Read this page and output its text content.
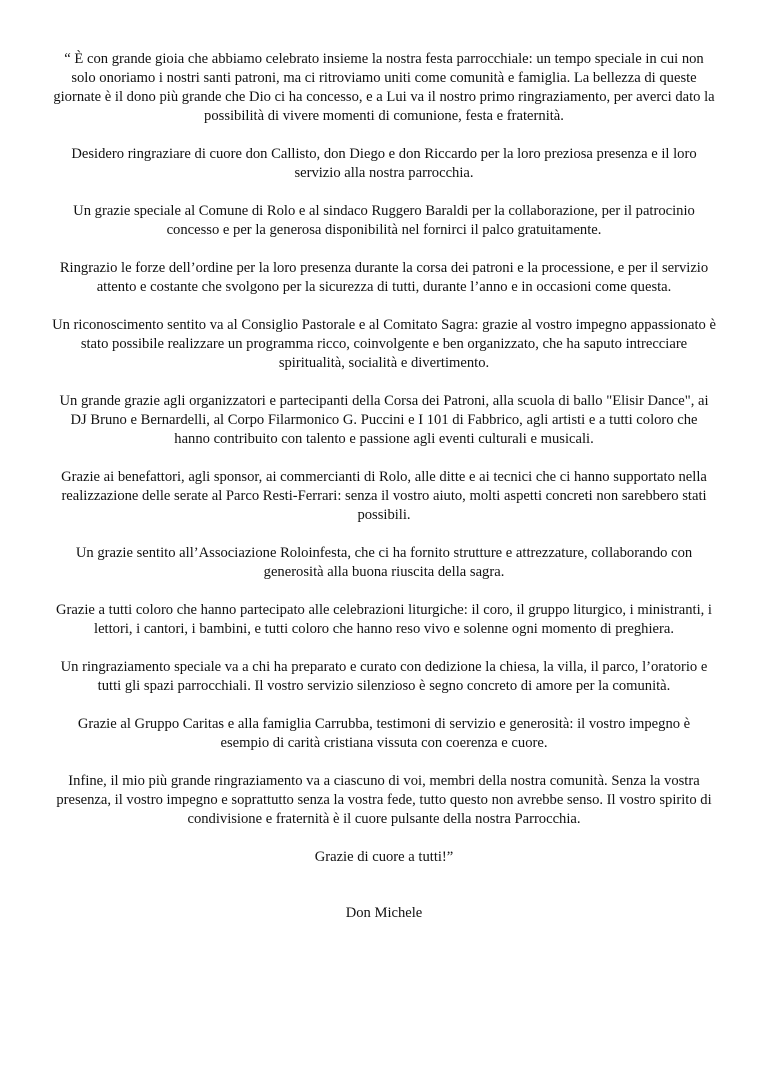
“ È con grande gioia che abbiamo celebrato insieme la nostra festa parrocchiale: un tempo speciale in cui non solo onoriamo i nostri santi patroni, ma ci ritroviamo uniti come comunità e famiglia. La bellezza di queste giornate è il dono più grande che Dio ci ha concesso, e a Lui va il nostro primo ringraziamento, per averci dato la possibilità di vivere momenti di comunione, festa e fraternità.

Desidero ringraziare di cuore don Callisto, don Diego e don Riccardo per la loro preziosa presenza e il loro servizio alla nostra parrocchia.

Un grazie speciale al Comune di Rolo e al sindaco Ruggero Baraldi per la collaborazione, per il patrocinio concesso e per la generosa disponibilità nel fornirci il palco gratuitamente.

Ringrazio le forze dell’ordine per la loro presenza durante la corsa dei patroni e la processione, e per il servizio attento e costante che svolgono per la sicurezza di tutti, durante l’anno e in occasioni come questa.

Un riconoscimento sentito va al Consiglio Pastorale e al Comitato Sagra: grazie al vostro impegno appassionato è stato possibile realizzare un programma ricco, coinvolgente e ben organizzato, che ha saputo intrecciare spiritualità, socialità e divertimento.

Un grande grazie agli organizzatori e partecipanti della Corsa dei Patroni, alla scuola di ballo "Elisir Dance", ai DJ Bruno e Bernardelli, al Corpo Filarmonico G. Puccini e I 101 di Fabbrico, agli artisti e a tutti coloro che hanno contribuito con talento e passione agli eventi culturali e musicali.

Grazie ai benefattori, agli sponsor, ai commercianti di Rolo, alle ditte e ai tecnici che ci hanno supportato nella realizzazione delle serate al Parco Resti-Ferrari: senza il vostro aiuto, molti aspetti concreti non sarebbero stati possibili.

Un grazie sentito all’Associazione Roloinfesta, che ci ha fornito strutture e attrezzature, collaborando con generosità alla buona riuscita della sagra.

Grazie a tutti coloro che hanno partecipato alle celebrazioni liturgiche: il coro, il gruppo liturgico, i ministranti, i lettori, i cantori, i bambini, e tutti coloro che hanno reso vivo e solenne ogni momento di preghiera.

Un ringraziamento speciale va a chi ha preparato e curato con dedizione la chiesa, la villa, il parco, l’oratorio e tutti gli spazi parrocchiali. Il vostro servizio silenzioso è segno concreto di amore per la comunità.

Grazie al Gruppo Caritas e alla famiglia Carrubba, testimoni di servizio e generosità: il vostro impegno è esempio di carità cristiana vissuta con coerenza e cuore.

Infine, il mio più grande ringraziamento va a ciascuno di voi, membri della nostra comunità. Senza la vostra presenza, il vostro impegno e soprattutto senza la vostra fede, tutto questo non avrebbe senso. Il vostro spirito di condivisione e fraternità è il cuore pulsante della nostra Parrocchia.

Grazie di cuore a tutti!”

Don Michele
